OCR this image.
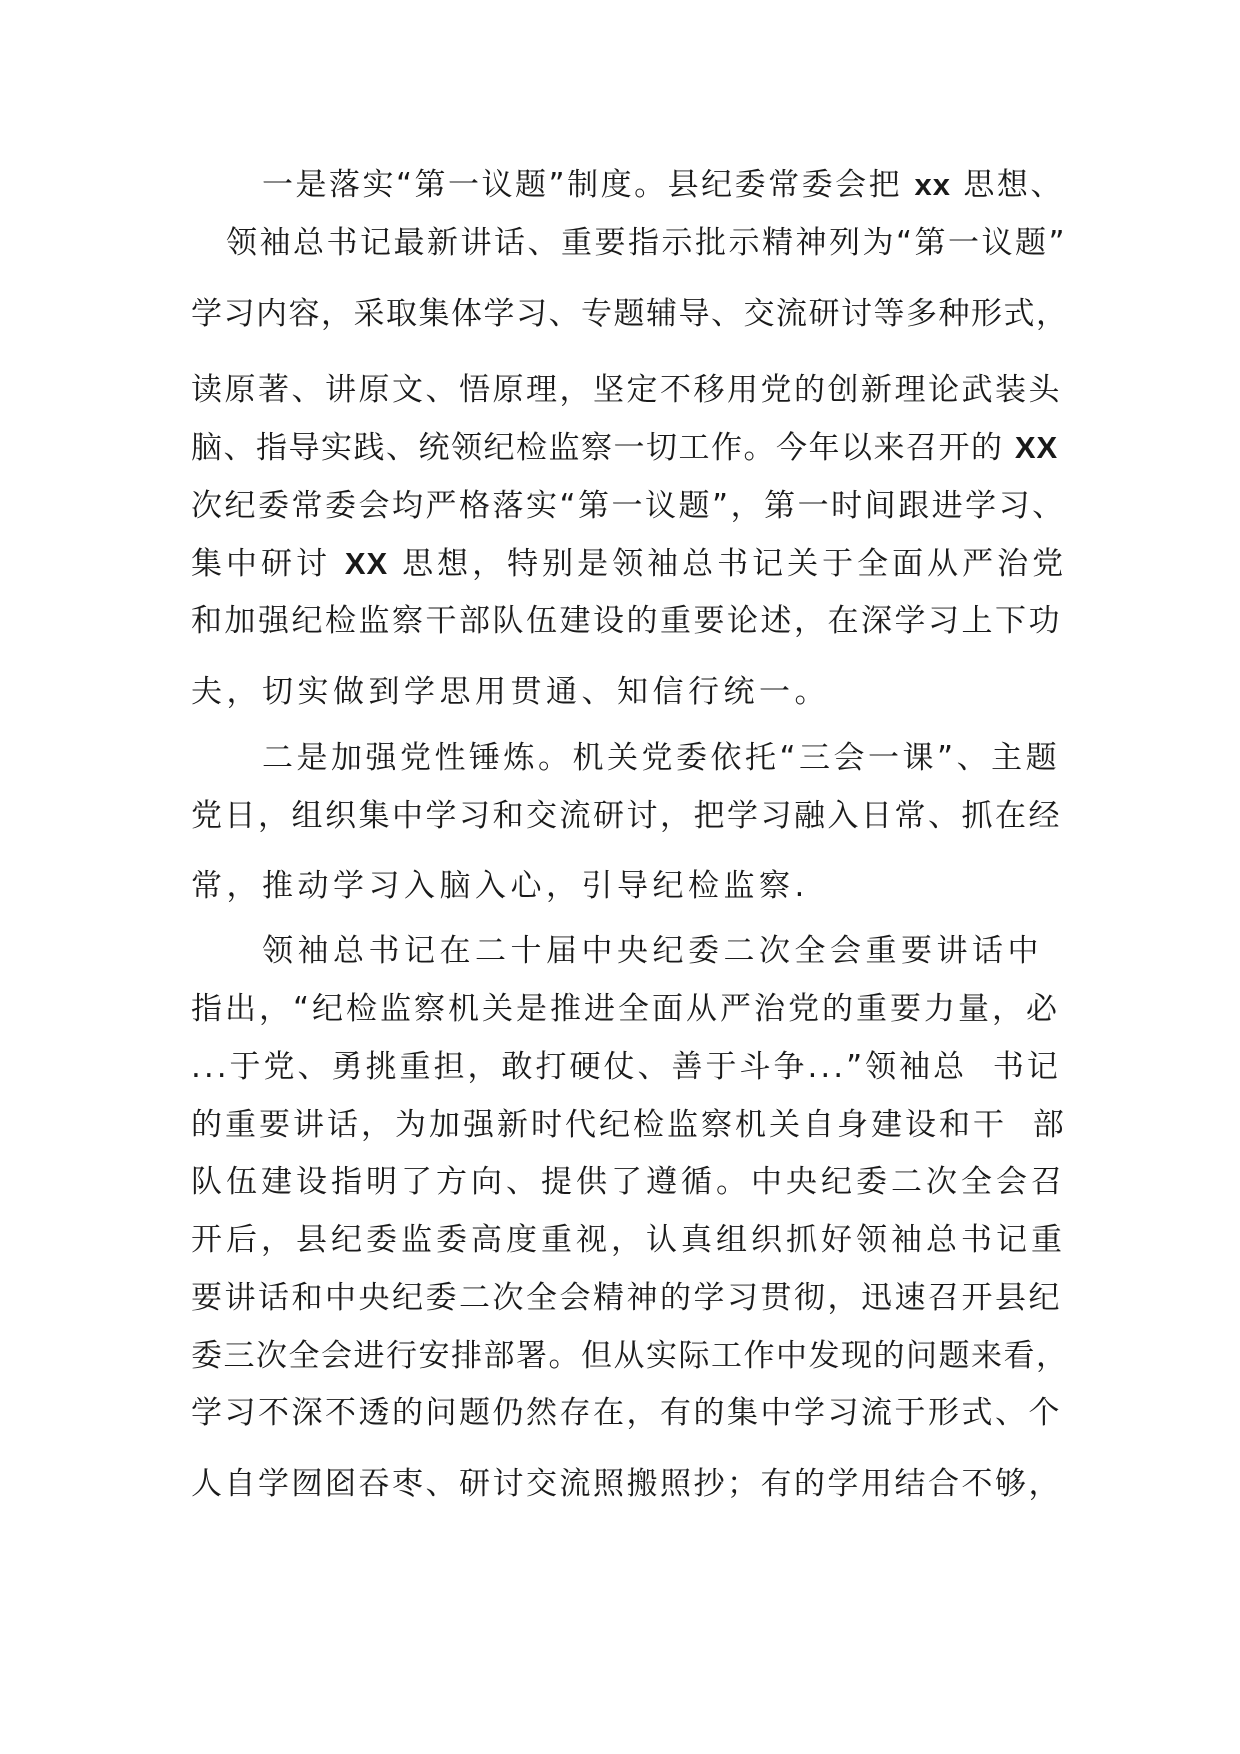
一是落实“第一议题”制度。县纪委常委会把 xx 思想、
领袖总书记最新讲话、重要指示批示精神列为“第一议题”
学习内容，采取集体学习、专题辅导、交流研讨等多种形式，
读原著、讲原文、悟原理，坚定不移用党的创新理论武装头
脑、指导实践、统领纪检监察一切工作。今年以来召开的 XX
次纪委常委会均严格落实“第一议题”，第一时间跟进学习、
集中研讨 XX 思想，特别是领袖总书记关于全面从严治党
和加强纪检监察干部队伍建设的重要论述，在深学习上下功
夫，切实做到学思用贯通、知信行统一。
二是加强党性锤炼。机关党委依托“三会一课”、主题
党日，组织集中学习和交流研讨，把学习融入日常、抓在经
常，推动学习入脑入心，引导纪检监察.
领袖总书记在二十届中央纪委二次全会重要讲话中
指出，“纪检监察机关是推进全面从严治党的重要力量，必
...于党、勇挑重担，敢打硬仗、善于斗争...”领袖总  书记
的重要讲话，为加强新时代纪检监察机关自身建设和干  部
队伍建设指明了方向、提供了遵循。中央纪委二次全会召
开后，县纪委监委高度重视，认真组织抓好领袖总书记重
要讲话和中央纪委二次全会精神的学习贯彻，迅速召开县纪
委三次全会进行安排部署。但从实际工作中发现的问题来看，
学习不深不透的问题仍然存在，有的集中学习流于形式、个
人自学囫囵吞枣、研讨交流照搬照抄；有的学用结合不够，
